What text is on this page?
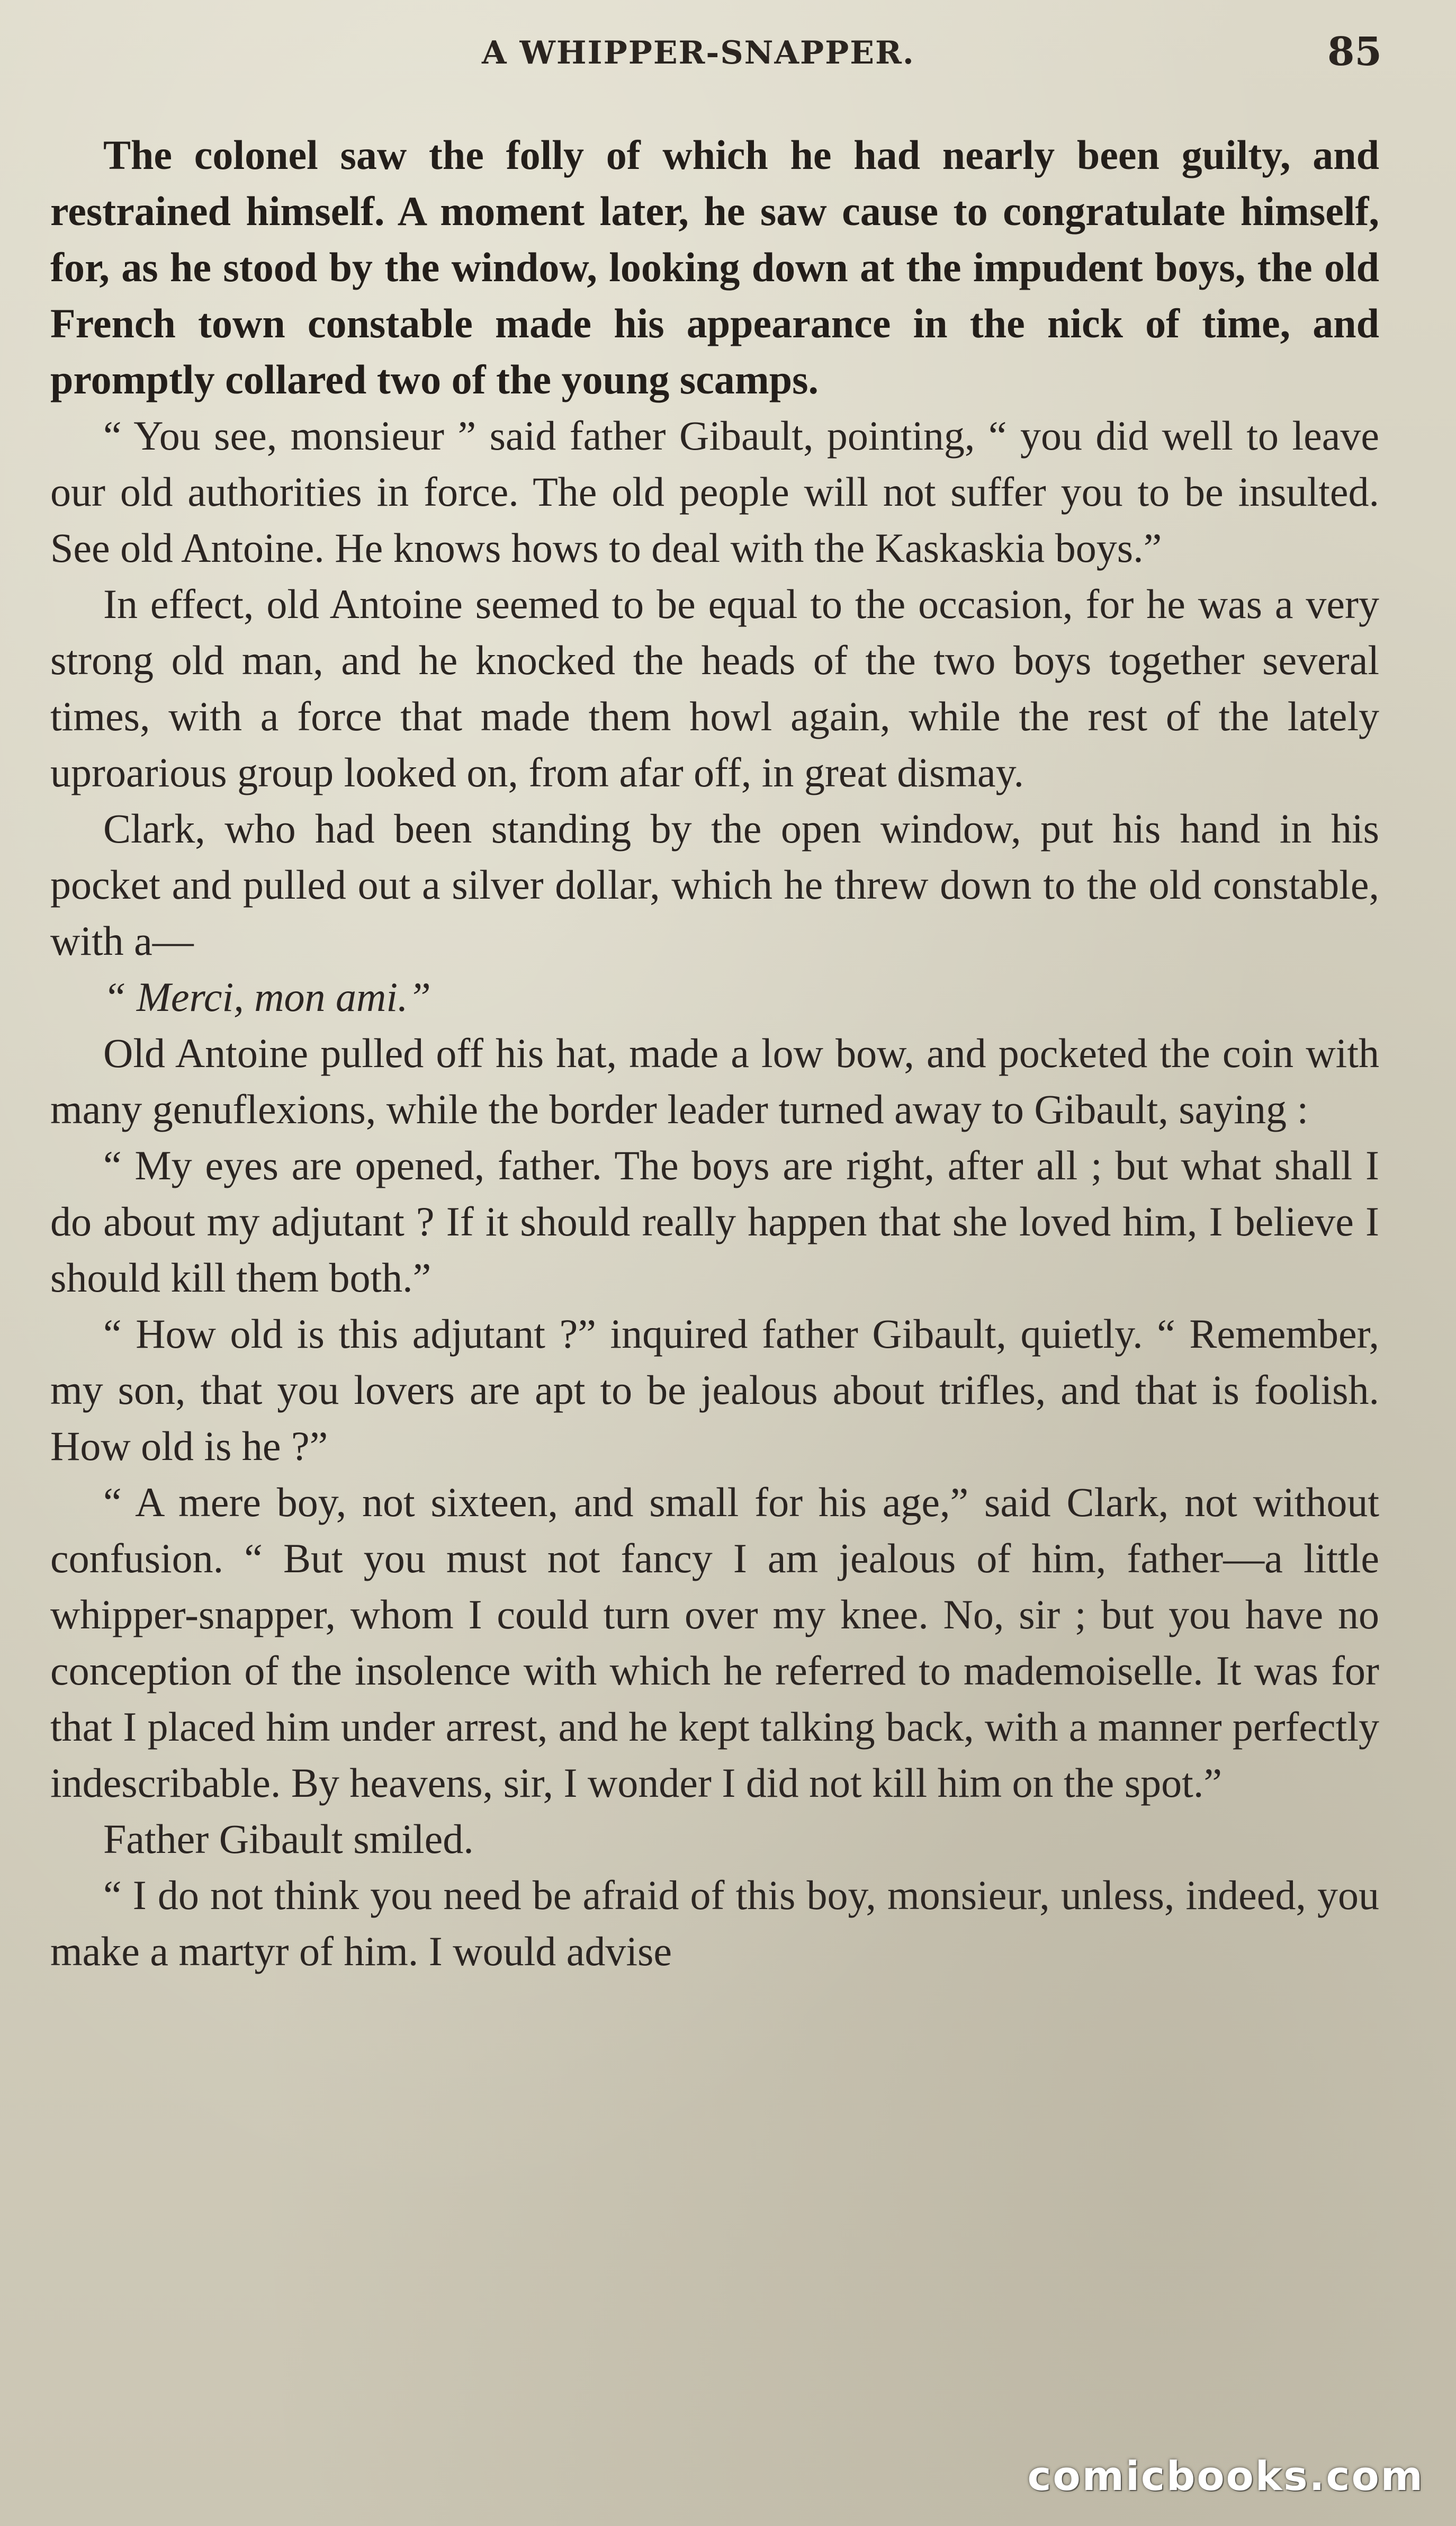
A WHIPPER-SNAPPER.	85

The colonel saw the folly of which he had nearly been guilty, and restrained himself. A moment later, he saw cause to congratulate himself, for, as he stood by the window, looking down at the impudent boys, the old French town constable made his appearance in the nick of time, and promptly collared two of the young scamps.

“ You see, monsieur ” said father Gibault, pointing, “ you did well to leave our old authorities in force. The old people will not suffer you to be insulted. See old Antoine. He knows hows to deal with the Kaskaskia boys.”

In effect, old Antoine seemed to be equal to the occasion, for he was a very strong old man, and he knocked the heads of the two boys together several times, with a force that made them howl again, while the rest of the lately uproarious group looked on, from afar off, in great dismay.

Clark, who had been standing by the open window, put his hand in his pocket and pulled out a silver dollar, which he threw down to the old constable, with a—

“ Merci, mon ami.”

Old Antoine pulled off his hat, made a low bow, and pocketed the coin with many genuflexions, while the border leader turned away to Gibault, saying :

“ My eyes are opened, father. The boys are right, after all ; but what shall I do about my adjutant ? If it should really happen that she loved him, I believe I should kill them both.”

“ How old is this adjutant ?” inquired father Gibault, quietly. “ Remember, my son, that you lovers are apt to be jealous about trifles, and that is foolish. How old is he ?”

“ A mere boy, not sixteen, and small for his age,” said Clark, not without confusion. “ But you must not fancy I am jealous of him, father—a little whipper-snapper, whom I could turn over my knee. No, sir ; but you have no conception of the insolence with which he referred to mademoiselle. It was for that I placed him under arrest, and he kept talking back, with a manner perfectly indescribable. By heavens, sir, I wonder I did not kill him on the spot.”

Father Gibault smiled.

“ I do not think you need be afraid of this boy, monsieur, unless, indeed, you make a martyr of him. I would advise

comicbooks.com
